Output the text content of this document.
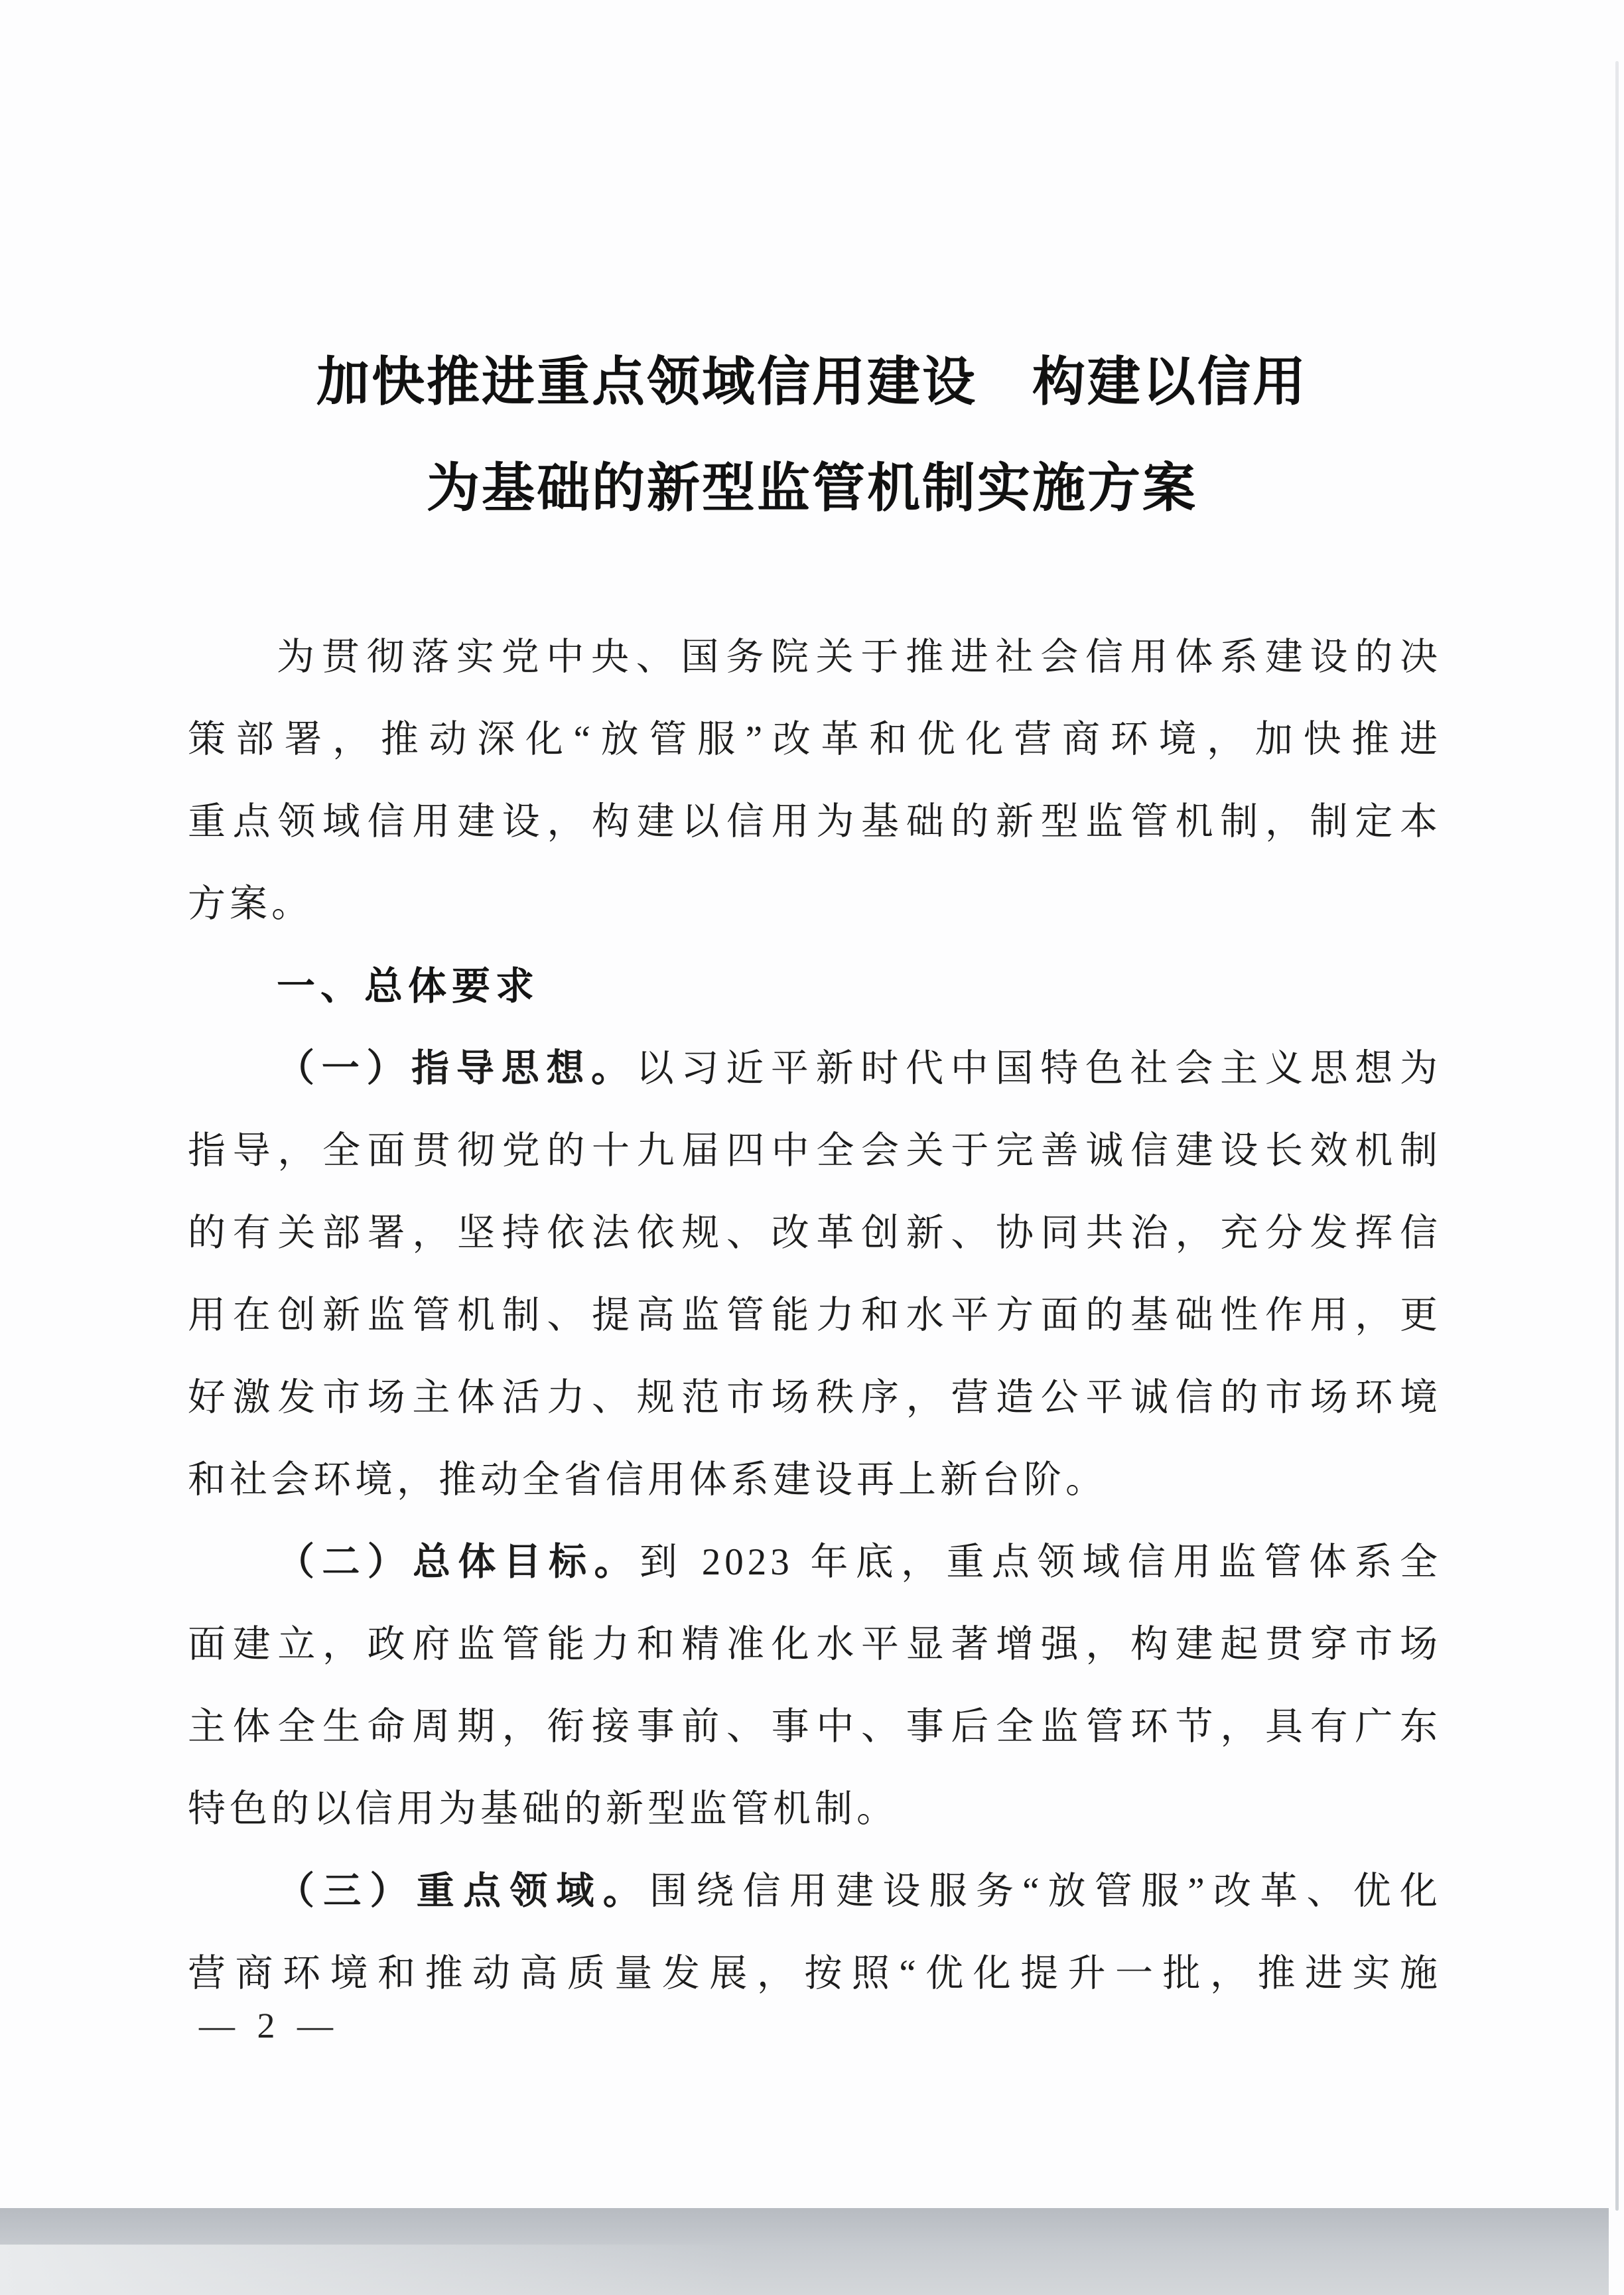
加快推进重点领域信用建设　构建以信用
为基础的新型监管机制实施方案
为贯彻落实党中央、国务院关于推进社会信用体系建设的决
策部署，推动深化“放管服”改革和优化营商环境，加快推进
重点领域信用建设，构建以信用为基础的新型监管机制，制定本
方案。
一、总体要求
（一）指导思想。以习近平新时代中国特色社会主义思想为
指导，全面贯彻党的十九届四中全会关于完善诚信建设长效机制
的有关部署，坚持依法依规、改革创新、协同共治，充分发挥信
用在创新监管机制、提高监管能力和水平方面的基础性作用，更
好激发市场主体活力、规范市场秩序，营造公平诚信的市场环境
和社会环境，推动全省信用体系建设再上新台阶。
（二）总体目标。到 2023 年底，重点领域信用监管体系全
面建立，政府监管能力和精准化水平显著增强，构建起贯穿市场
主体全生命周期，衔接事前、事中、事后全监管环节，具有广东
特色的以信用为基础的新型监管机制。
（三）重点领域。围绕信用建设服务“放管服”改革、优化
营商环境和推动高质量发展，按照“优化提升一批，推进实施
— 2 —
